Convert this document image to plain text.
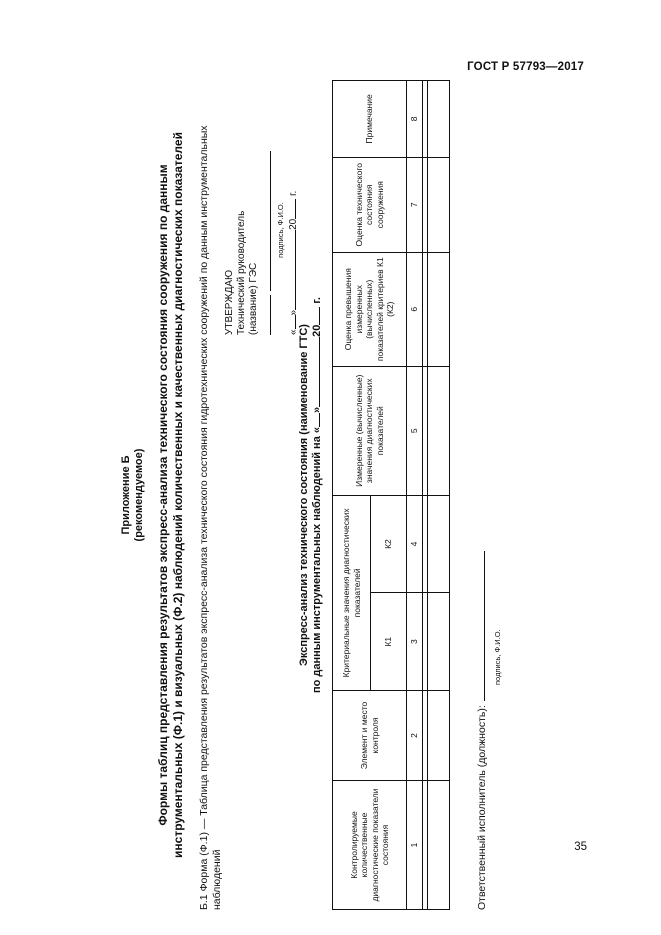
ГОСТ Р 57793—2017
Приложение Б (рекомендуемое) Формы таблиц представления результатов экспресс-анализа технического состояния сооружения по данным инструментальных (Ф.1) и визуальных (Ф.2) наблюдений количественных и качественных диагностических показателей Б.1 Форма (Ф.1) — Таблица представления результатов экспресс-анализа технического состояния гидротехнических сооружений по данным инструментальных наблюдений
УТВЕРЖДАЮ Технический руководитель (название) ГЭС
подпись, Ф.И.О.
«»20 г.
Экспресс-анализ технического состояния (наименование ГТС) по данным инструментальных наблюдений на «»20 г.
Контролируемые количественные диагностические показатели состояния	Элемент и место контроля	Критериальные значения диагностических показателей		Измеренные (вычисленные) значения диагностических показателей	Оценка превышения измеренных (вычисленных) показателей критериев К1 (К2)	Оценка технического состояния сооружения	Примечание
		К1	К2				
1	2	3	4	5	6	7	8

Ответственный исполнитель (должность):
подпись, Ф.И.О.
35
